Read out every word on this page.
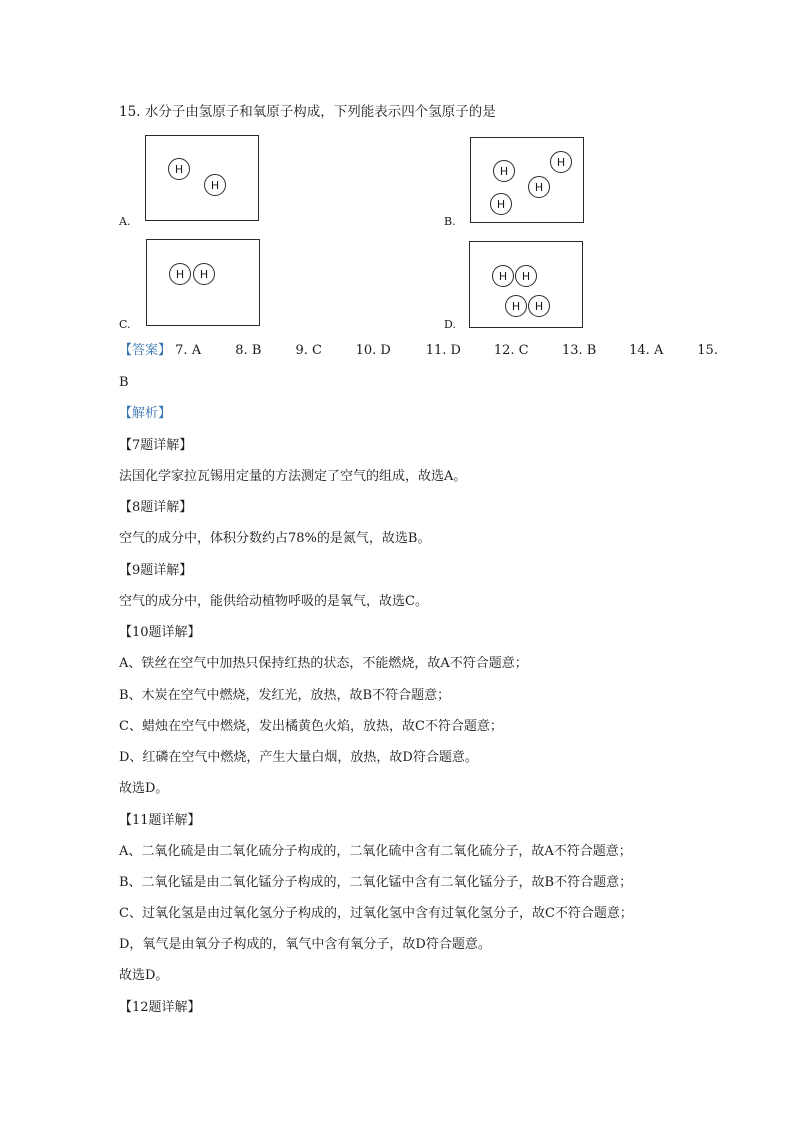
15. 水分子由氢原子和氧原子构成，下列能表示四个氢原子的是
H
H
A.
H
H
H
H
B.
H	H
C.
H	H
H	H
D.
【答案】 7. A	8. B	9. C	10. D	11. D	12. C	13. B	14. A	15.
B
【解析】
【7题详解】
法国化学家拉瓦锡用定量的方法测定了空气的组成，故选A。
【8题详解】
空气的成分中，体积分数约占78%的是氮气，故选B。
【9题详解】
空气的成分中，能供给动植物呼吸的是氧气，故选C。
【10题详解】
A、铁丝在空气中加热只保持红热的状态，不能燃烧，故A不符合题意；
B、木炭在空气中燃烧，发红光，放热，故B不符合题意；
C、蜡烛在空气中燃烧，发出橘黄色火焰，放热，故C不符合题意；
D、红磷在空气中燃烧，产生大量白烟，放热，故D符合题意。
故选D。
【11题详解】
A、二氧化硫是由二氧化硫分子构成的，二氧化硫中含有二氧化硫分子，故A不符合题意；
B、二氧化锰是由二氧化锰分子构成的，二氧化锰中含有二氧化锰分子，故B不符合题意；
C、过氧化氢是由过氧化氢分子构成的，过氧化氢中含有过氧化氢分子，故C不符合题意；
D，氧气是由氧分子构成的，氧气中含有氧分子，故D符合题意。
故选D。
【12题详解】
